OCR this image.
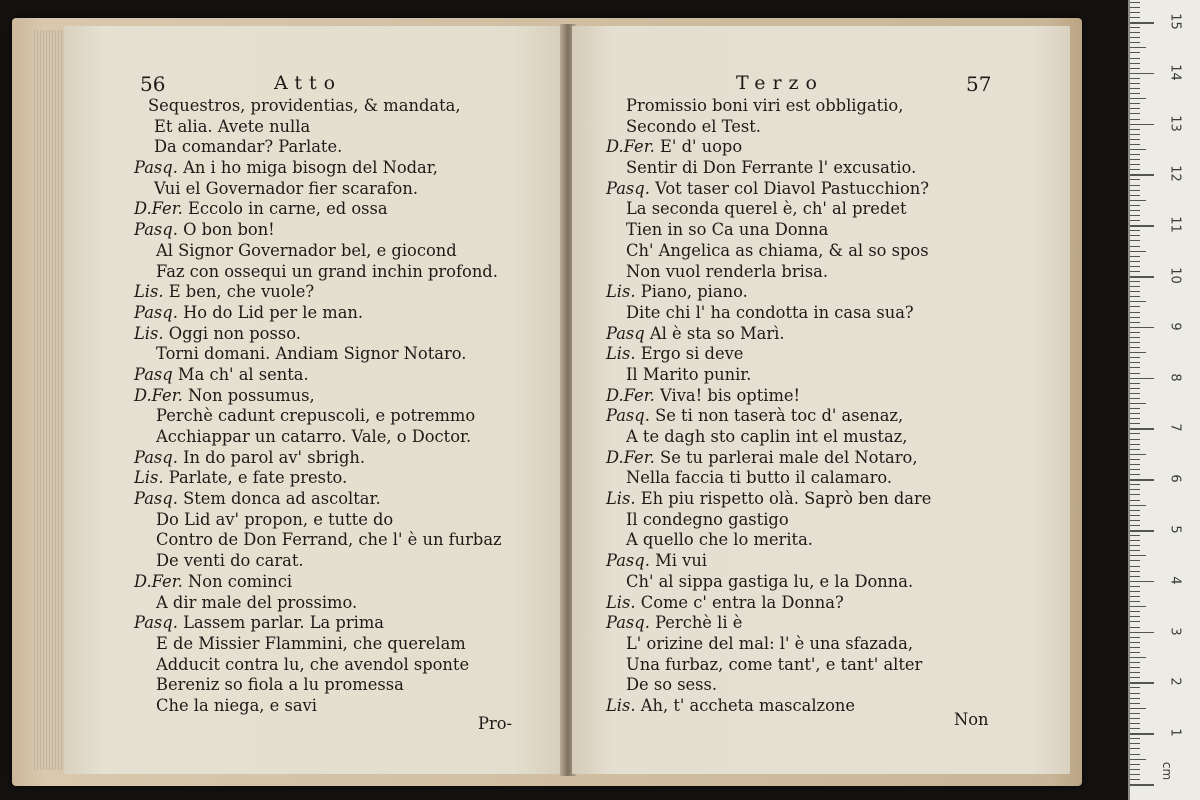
56	Atto
Sequestros, providentias, & mandata,
Et alia. Avete nulla
Da comandar? Parlate.
Pasq. An i ho miga bisogn del Nodar,
Vui el Governador fier scarafon.
D.Fer. Eccolo in carne, ed ossa
Pasq. O bon bon!
Al Signor Governador bel, e giocond
Faz con ossequi un grand inchin profond.
Lis. E ben, che vuole?
Pasq. Ho do Lid per le man.
Lis. Oggi non posso.
Torni domani. Andiam Signor Notaro.
Pasq Ma ch' al senta.
D.Fer. Non possumus,
Perchè cadunt crepuscoli, e potremmo
Acchiappar un catarro. Vale, o Doctor.
Pasq. In do parol av' sbrigh.
Lis. Parlate, e fate presto.
Pasq. Stem donca ad ascoltar.
Do Lid av' propon, e tutte do
Contro de Don Ferrand, che l' è un furbaz
De venti do carat.
D.Fer. Non cominci
A dir male del prossimo.
Pasq. Lassem parlar. La prima
E de Missier Flammini, che querelam
Adducit contra lu, che avendol sponte
Bereniz so fiola a lu promessa
Che la niega, e savi
Pro-
Terzo	57
Promissio boni viri est obbligatio,
Secondo el Test.
D.Fer. E' d' uopo
Sentir di Don Ferrante l' excusatio.
Pasq. Vot taser col Diavol Pastucchion?
La seconda querel è, ch' al predet
Tien in so Ca una Donna
Ch' Angelica as chiama, & al so spos
Non vuol renderla brisa.
Lis. Piano, piano.
Dite chi l' ha condotta in casa sua?
Pasq Al è sta so Marì.
Lis. Ergo si deve
Il Marito punir.
D.Fer. Viva! bis optime!
Pasq. Se ti non taserà toc d' asenaz,
A te dagh sto caplin int el mustaz,
D.Fer. Se tu parlerai male del Notaro,
Nella faccia ti butto il calamaro.
Lis. Eh piu rispetto olà. Saprò ben dare
Il condegno gastigo
A quello che lo merita.
Pasq. Mi vui
Ch' al sippa gastiga lu, e la Donna.
Lis. Come c' entra la Donna?
Pasq. Perchè li è
L' orizine del mal: l' è una sfazada,
Una furbaz, come tant', e tant' alter
De so sess.
Lis. Ah, t' accheta mascalzone
Non
cm
1
2
3
4
5
6
7
8
9
10
11
12
13
14
15
